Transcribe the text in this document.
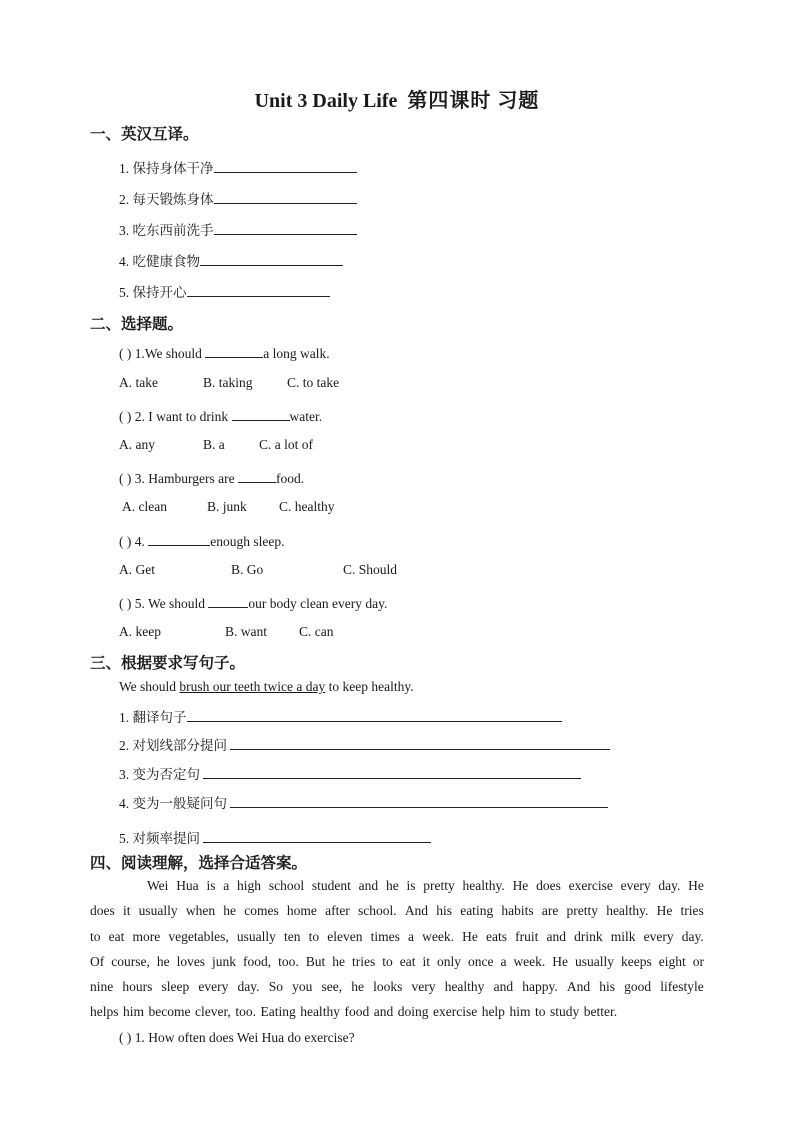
Unit 3 Daily Life 第四课时 习题
一、英汉互译。
1. 保持身体干净
2. 每天锻炼身体
3. 吃东西前洗手
4. 吃健康食物
5. 保持开心
二、选择题。
( ) 1.We should	a long walk.
A. take	B. taking	C. to take
( ) 2. I want to drink	water.
A. any	B. a	C. a lot of
( ) 3. Hamburgers are	food.
A. clean	B. junk C. healthy
( ) 4.	enough sleep.
A. Get	B. Go	C. Should
( ) 5. We should	our body clean every day.
A. keep	B. want C. can
三、根据要求写句子。
We should brush our teeth twice a day to keep healthy.
1. 翻译句子
2. 对划线部分提问
3. 变为否定句
4. 变为一般疑问句
5. 对频率提问
四、阅读理解，选择合适答案。
Wei Hua is a high school student and he is pretty healthy. He does exercise every day. He
does it usually when he comes home after school. And his eating habits are pretty healthy. He tries
to eat more vegetables, usually ten to eleven times a week. He eats fruit and drink milk every day.
Of course, he loves junk food, too. But he tries to eat it only once a week. He usually keeps eight or
nine hours sleep every day. So you see, he looks very healthy and happy. And his good lifestyle
helps him become clever, too. Eating healthy food and doing exercise help him to study better.
( ) 1. How often does Wei Hua do exercise?
